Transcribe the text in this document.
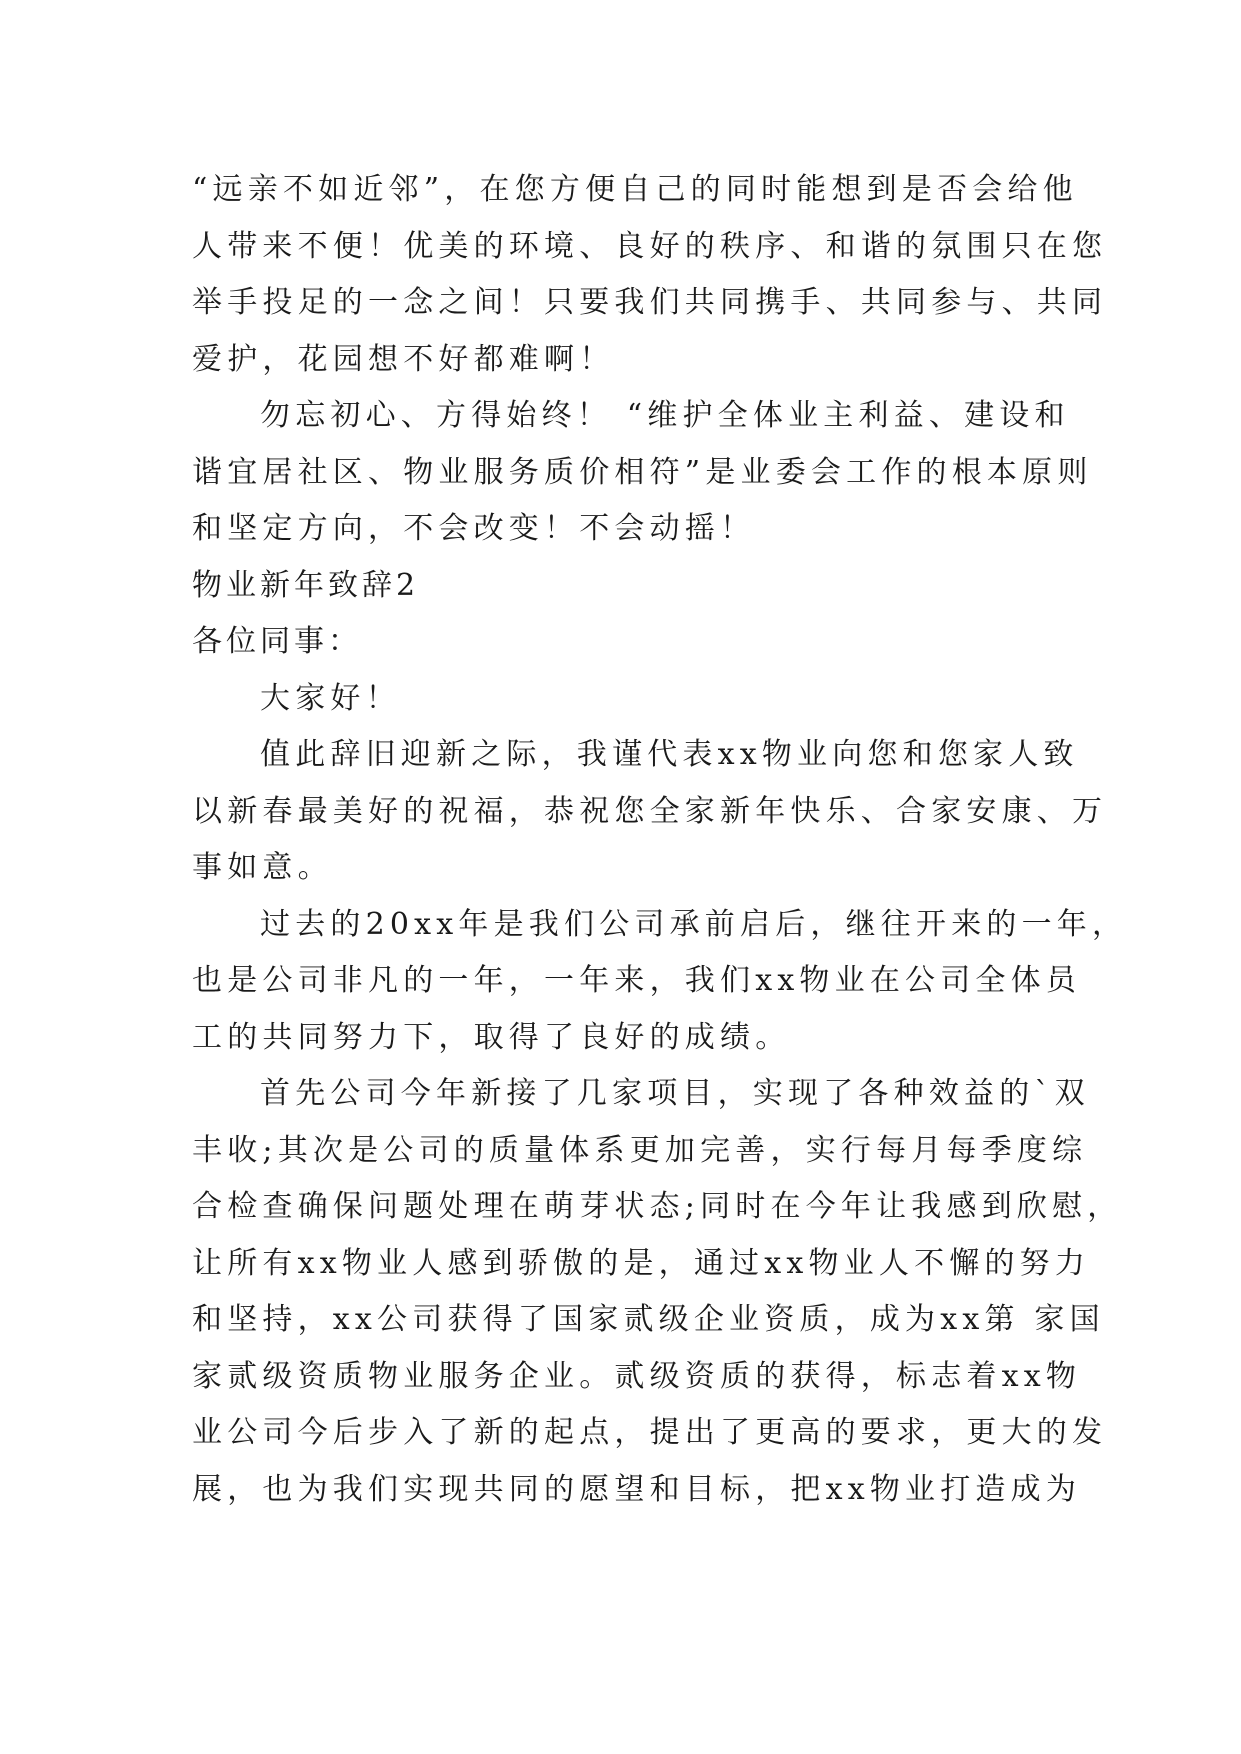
“远亲不如近邻”，在您方便自己的同时能想到是否会给他
人带来不便！优美的环境、良好的秩序、和谐的氛围只在您
举手投足的一念之间！只要我们共同携手、共同参与、共同
爱护，花园想不好都难啊！
勿忘初心、方得始终！ “维护全体业主利益、建设和
谐宜居社区、物业服务质价相符”是业委会工作的根本原则
和坚定方向，不会改变！不会动摇！
物业新年致辞2
各位同事：
大家好！
值此辞旧迎新之际，我谨代表xx物业向您和您家人致
以新春最美好的祝福，恭祝您全家新年快乐、合家安康、万
事如意。
过去的20xx年是我们公司承前启后，继往开来的一年，
也是公司非凡的一年，一年来，我们xx物业在公司全体员
工的共同努力下，取得了良好的成绩。
首先公司今年新接了几家项目，实现了各种效益的`双
丰收;其次是公司的质量体系更加完善，实行每月每季度综
合检查确保问题处理在萌芽状态;同时在今年让我感到欣慰，
让所有xx物业人感到骄傲的是，通过xx物业人不懈的努力
和坚持，xx公司获得了国家贰级企业资质，成为xx第 家国
家贰级资质物业服务企业。贰级资质的获得，标志着xx物
业公司今后步入了新的起点，提出了更高的要求，更大的发
展，也为我们实现共同的愿望和目标，把xx物业打造成为
